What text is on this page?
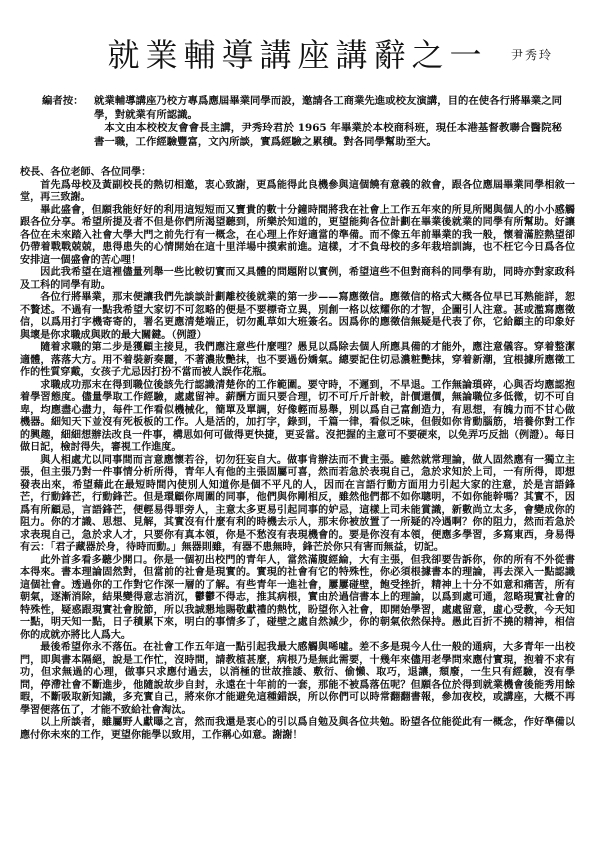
就業輔導講座講辭之一	尹秀玲
編者按： 就業輔導講座乃校方專爲應屆畢業同學而設，邀請各工商業先進或校友演講，目的在使各行將畢業之同學，對就業有所認識。

本文由本校校友會會長主講，尹秀玲君於 1965 年畢業於本校商科班，現任本港基督教聯合醫院秘書一職，工作經驗豐富，文內所談，實爲經驗之累積。對各同學幫助至大。

校長、各位老師、各位同學：

首先爲母校及黃副校長的熱切相邀，衷心致謝，更爲能得此良機參與這個饒有意義的敘會，跟各位應屆畢業同學相敘一堂，再三致謝。

畢此盛會，但願我能好好的利用這短短而又寶貴的數十分鐘時間將我在社會上工作五年來的所見所聞與個人的小小感觸跟各位分享。希望所提及者不但是你們所渴望聽到，所樂於知道的，更望能夠各位計劃在畢業後就業的同學有所幫助。好讓各位在未來踏入社會大學大門之前先行有一概念，在心理上作好適當的準備。而不像五年前畢業的我一般，懷着滿腔熱望卻仍帶着戰戰兢兢，患得患失的心情開始在這十里洋場中摸索前進。這樣，才不負母校的多年栽培訓誨，也不枉它今日爲各位安排這一個盛會的苦心哩！

因此我希望在這裡儘量列舉一些比較切實而又具體的問題附以實例，希望這些不但對商科的同學有助，同時亦對家政科及工科的同學有助。

各位行將畢業，那末便讓我們先談談計劃離校後就業的第一步——寫應徵信。應徵信的格式大概各位早已耳熟能詳，恕不贅述。不過有一點我希望大家切不可忽略的便是不要標奇立異，別創一格以炫耀你的才智，企圖引人注意。甚或濫寫應徵信，以爲用打字機寄寄的，署名更應清楚端正，切勿亂草如大班簽名。因爲你的應徵信無疑是代表了你，它給顧主的印象好與壞是你求職成與敗的最大關鍵。（例證）

隨着求職的第二步是獲顧主接見，我們應注意些什麼哩？愚見以爲除去個人所應具備的才能外，應注意儀容。穿着整潔適體，落落大方。用不着裝新奏麗，不著濃妝艷抹，也不要過份嬌氣。總要記住切忌濃粧艷抹，穿着新潮，宜根據所應徵工作的性質穿戴，女孩子尤忌因打扮不當而被人誤作花瓶。

求職成功那末在得到職位後該先行認識清楚你的工作範圍。要守時，不遲到，不早退。工作無論瑣碎，心與否均應認抱着學習態度。儘量學取工作經驗，處處留神。薪酬方面只要合理，切不可斤斤計較，計價還價，無論職位多低微，切不可自卑，均應盡心盡力，每件工作看似機械化，簡單及單調，好像輕而易舉，別以爲自己富創造力，有思想，有魄力而不甘心做機器。細知天下並沒有死板板的工作。人是活的，加打字，錄到，千篇一律，看似乏味，但假如你肯動腦筋，培養你對工作的興趣，細細想辦法改良一件事，構思如何可做得更快捷，更妥當。沒把握的主意可不要硬來，以免弄巧反拙（例證）。每日做日記，檢討得失，審視工作進度。

與人相處尤以同事間而言意應懷若谷，切勿狂妄自大。做事肯辦法而不貴主張。雖然就常理論，做人固然應有一獨立主張，但主張乃對一件事情分析所得，青年人有他的主張固屬可喜，然而若急於表現自己，急於求知於上司，一有所得，即想發表出來，希望藉此在最短時間內使別人知道你是個不平凡的人，因而在言語行動方面用力引起大家的注意，於是言語鋒芒，行動鋒芒，行動鋒芒。但是環顧你周圍的同事，他們與你剛相反，雖然他們都不如你聰明，不如你能幹嗎？其實不，因爲有所顧忌，言語鋒芒，便輕易得罪旁人，主意太多更易引起同事的妒忌，這樣上司未能賞識，新數尚立太多，會變成你的阻力。你的才識、思想、見解，其實沒有什麼有利的時機去示人，那末你被放置了一所疑的冷遇啊？你的阻力，然而若急於求表現自己，急於求人才，只要你有真本領，你是不愁沒有表現機會的。要是你沒有本領，便應多學習，多寫東西，身易得有云：「君子藏器於身，待時而動。」無器則雖，有器不患無時，鋒芒於你只有害而無益，切記。

此外首多看多聽少開口。你是一個初出校門的青年人，當然滿腹經綸，大有主張，但我卻要告訴你，你的所有不外從書本得來。書本理論固然對，但當前的社會是現實的。實現的社會有它的特殊性，你必須根據書本的理論，再去深入一點認識這個社會。透過你的工作對它作深一層的了解。有些青年一進社會，屢屢碰壁，飽受挫折，精神上十分不如意和痛苦，所有朝氣，逐漸消除，結果變得意志消沉，鬱鬱不得志，推其病根，實由於過信書本上的理論，以爲到處可通，忽略現實社會的特殊性，疑惑跟現實社會脫節，所以我誠懇地賜敬獻禮的熱忱，盼望你入社會，即開始學習，處處留意，虛心受教，今天知一點，明天知一點，日子積累下來，明白的事情多了，碰壁之處自然減少，你的朝氣依然保持。愚此百折不撓的精神，相信你的成就亦將比人爲大。

最後希望你永不落伍。在社會工作五年這一點引起我最大感觸與唏噓。差不多是現今人仕一般的通病，大多青年一出校門，即與書本隔絕，說是工作忙，沒時間，請教植甚麼，病根乃是無此需要，十幾年來儘用老學問來應付實現，抱着不求有功，但求無過的心理，做事只求應付過去，以消極的世故推諉、敷衍、偷懶、取巧，退讓，頹廢，一生只有經驗，沒有學問，停滯社會不斷進步，他隨說故步自封，永遠在十年前的一套，那能不被爲落伍呢？但願各位於得到就業機會後能秀用餘暇，不斷吸取新知識，多充實自己，將來你才能避免這種錯誤，所以你們可以時常翻翻書報，參加夜校，或講座，大概不再學習便落伍了，才能不致給社會淘汰。

以上所談者，雖屬野人獻曝之言，然而我還是衷心的引以爲自勉及與各位共勉。盼望各位能從此有一概念，作好準備以應付你未來的工作，更望你能學以致用，工作稱心如意。謝謝！
